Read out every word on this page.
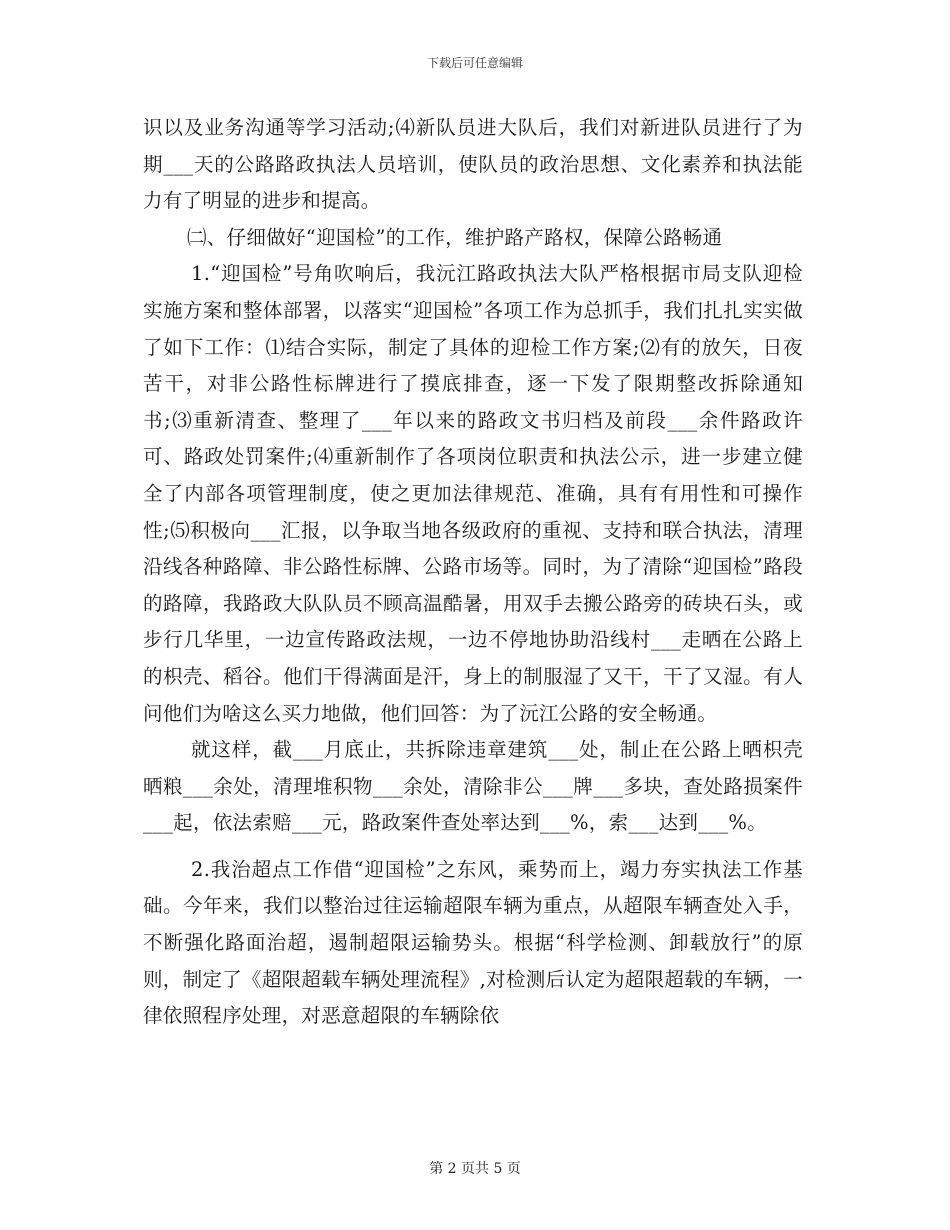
下载后可任意编辑

识以及业务沟通等学习活动;⑷新队员进大队后，我们对新进队员进行了为期___天的公路路政执法人员培训，使队员的政治思想、文化素养和执法能力有了明显的进步和提高。

㈡、仔细做好“迎国检”的工作，维护路产路权，保障公路畅通

1.“迎国检”号角吹响后，我沅江路政执法大队严格根据市局支队迎检实施方案和整体部署，以落实“迎国检”各项工作为总抓手，我们扎扎实实做了如下工作：⑴结合实际，制定了具体的迎检工作方案;⑵有的放矢，日夜苦干，对非公路性标牌进行了摸底排查，逐一下发了限期整改拆除通知书;⑶重新清查、整理了___年以来的路政文书归档及前段___余件路政许可、路政处罚案件;⑷重新制作了各项岗位职责和执法公示，进一步建立健全了内部各项管理制度，使之更加法律规范、准确，具有有用性和可操作性;⑸积极向___汇报，以争取当地各级政府的重视、支持和联合执法，清理沿线各种路障、非公路性标牌、公路市场等。同时，为了清除“迎国检”路段的路障，我路政大队队员不顾高温酷暑，用双手去搬公路旁的砖块石头，或步行几华里，一边宣传路政法规，一边不停地协助沿线村___走晒在公路上的枳壳、稻谷。他们干得满面是汗，身上的制服湿了又干，干了又湿。有人问他们为啥这么买力地做，他们回答：为了沅江公路的安全畅通。

就这样，截___月底止，共拆除违章建筑___处，制止在公路上晒枳壳晒粮___余处，清理堆积物___余处，清除非公___牌___多块，查处路损案件___起，依法索赔___元，路政案件查处率达到___%，索___达到___%。

2.我治超点工作借“迎国检”之东风，乘势而上，竭力夯实执法工作基础。今年来，我们以整治过往运输超限车辆为重点，从超限车辆查处入手，不断强化路面治超，遏制超限运输势头。根据“科学检测、卸载放行”的原则，制定了《超限超载车辆处理流程》,对检测后认定为超限超载的车辆，一律依照程序处理，对恶意超限的车辆除依

第 2 页共 5 页
